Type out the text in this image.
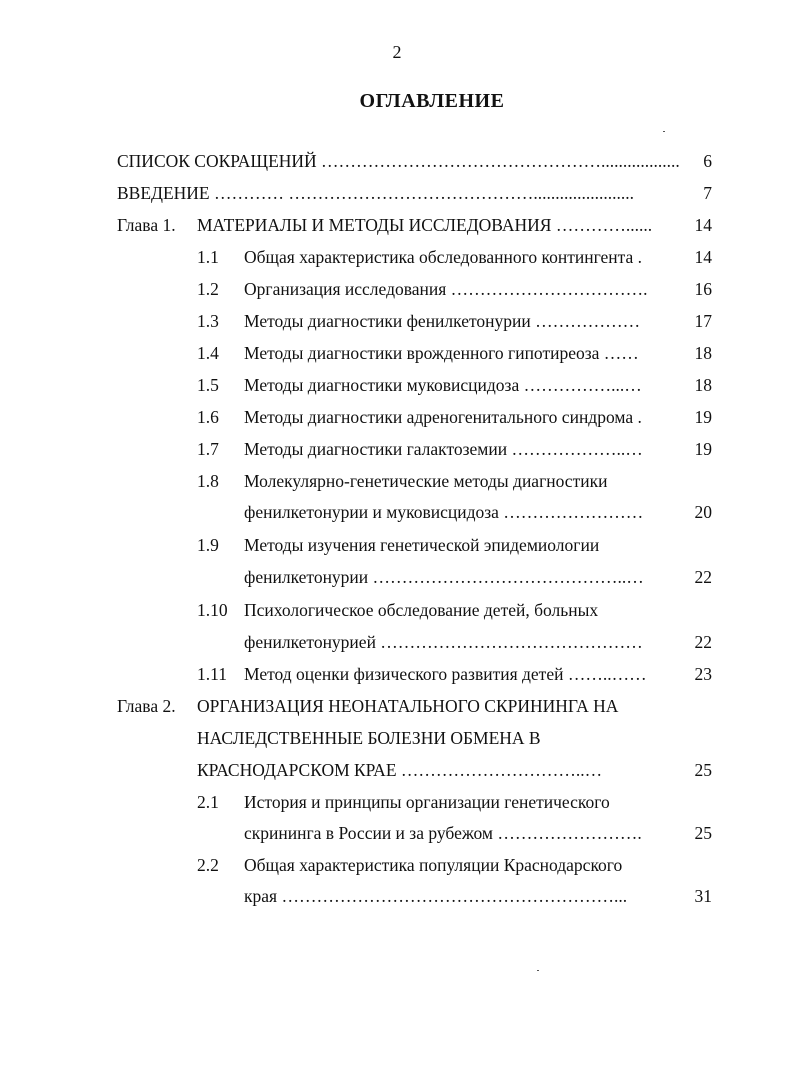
2
ОГЛАВЛЕНИЕ
СПИСОК СОКРАЩЕНИЙ …………………………………………..................	6
ВВЕДЕНИЕ ………… …………………………………….......................	7
Глава 1. МАТЕРИАЛЫ И МЕТОДЫ ИССЛЕДОВАНИЯ …………...... 14
1.1 Общая характеристика обследованного контингента .	14
1.2 Организация исследования …………………………….	16
1.3 Методы диагностики фенилкетонурии ………………	17
1.4 Методы диагностики врожденного гипотиреоза ……	18
1.5 Методы диагностики муковисцидоза ……………...…	18
1.6 Методы диагностики адреногенитального синдрома .	19
1.7 Методы диагностики галактоземии ………………..…	19
1.8 Молекулярно-генетические методы диагностики
фенилкетонурии и муковисцидоза ……………………	20
1.9 Методы изучения генетической эпидемиологии
фенилкетонурии ……………………………………..…	22
1.10 Психологическое обследование детей, больных
фенилкетонурией ………………………………………	22
1.11 Метод оценки физического развития детей ……..……	23
Глава 2. ОРГАНИЗАЦИЯ НЕОНАТАЛЬНОГО СКРИНИНГА НА
НАСЛЕДСТВЕННЫЕ БОЛЕЗНИ ОБМЕНА В
КРАСНОДАРСКОМ КРАЕ …………………………..…	25
2.1 История и принципы организации генетического
скрининга в России и за рубежом …………………….	25
2.2 Общая характеристика популяции Краснодарского
края …………………………………………………...	31
